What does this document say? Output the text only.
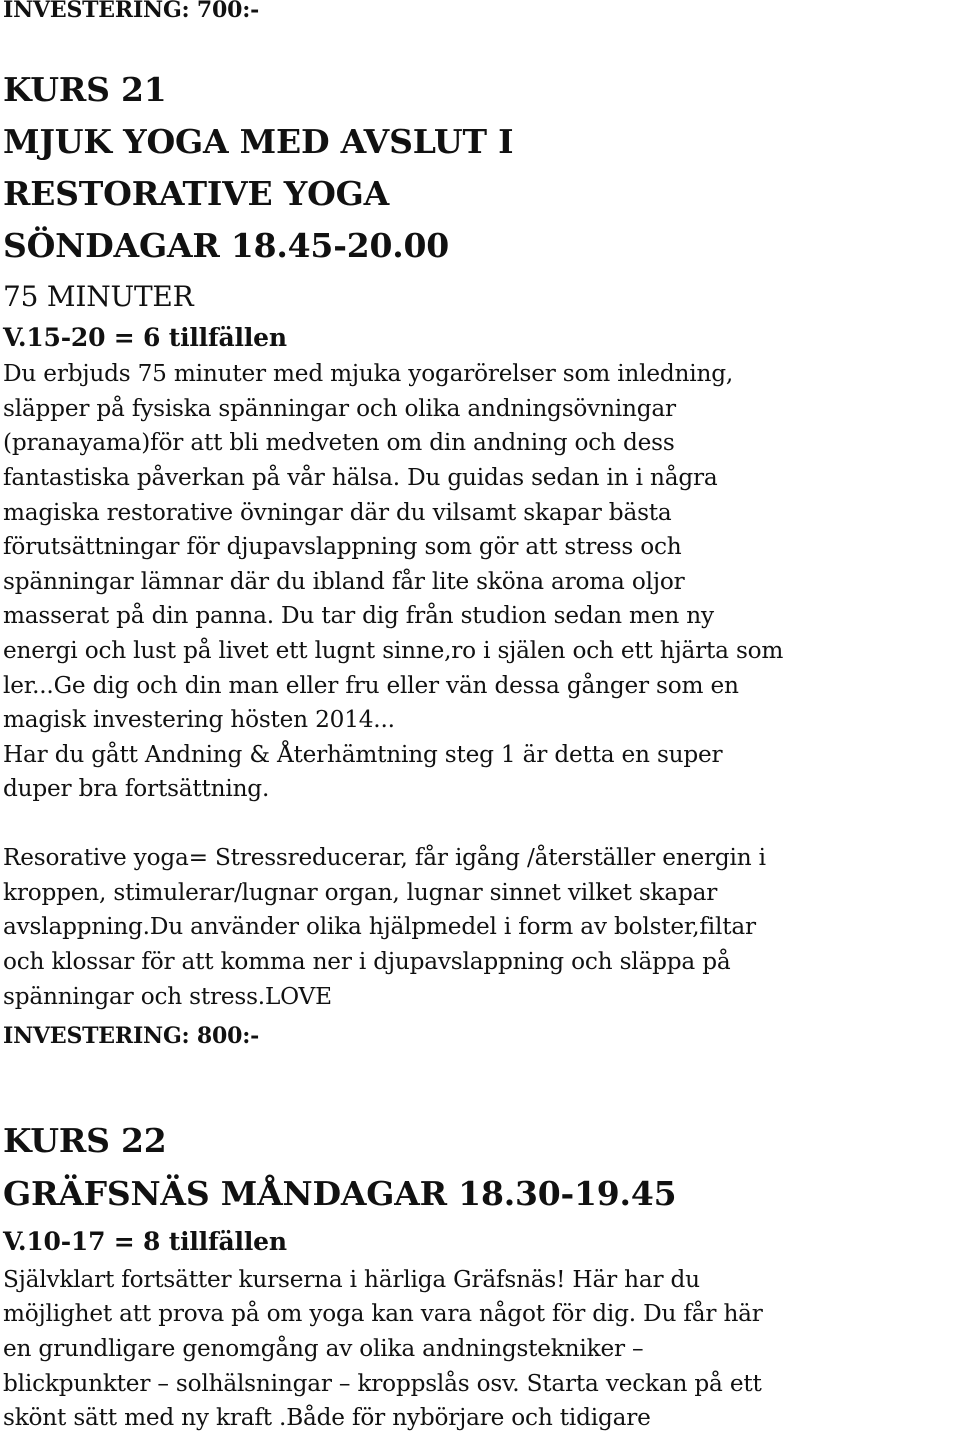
INVESTERING: 700:-

KURS 21

MJUK YOGA MED AVSLUT I

RESTORATIVE YOGA

SÖNDAGAR 18.45-20.00

75 MINUTER

V.15-20 = 6 tillfällen

Du erbjuds 75 minuter med mjuka yogarörelser som inledning,

släpper på fysiska spänningar och olika andningsövningar

(pranayama)för att bli medveten om din andning och dess

fantastiska påverkan på vår hälsa. Du guidas sedan in i några

magiska restorative övningar där du vilsamt skapar bästa

förutsättningar för djupavslappning som gör att stress och

spänningar lämnar där du ibland får lite sköna aroma oljor

masserat på din panna. Du tar dig från studion sedan men ny

energi och lust på livet ett lugnt sinne,ro i själen och ett hjärta som

ler...Ge dig och din man eller fru eller vän dessa gånger som en

magisk investering hösten 2014...

Har du gått Andning & Återhämtning steg 1 är detta en super

duper bra fortsättning.

Resorative yoga= Stressreducerar, får igång /återställer energin i

kroppen, stimulerar/lugnar organ, lugnar sinnet vilket skapar

avslappning.Du använder olika hjälpmedel i form av bolster,filtar

och klossar för att komma ner i djupavslappning och släppa på

spänningar och stress.LOVE

INVESTERING: 800:-

KURS 22

GRÄFSNÄS MÅNDAGAR 18.30-19.45

V.10-17 = 8 tillfällen

Självklart fortsätter kurserna i härliga Gräfsnäs! Här har du

möjlighet att prova på om yoga kan vara något för dig. Du får här

en grundligare genomgång av olika andningstekniker –

blickpunkter – solhälsningar – kroppslås osv. Starta veckan på ett

skönt sätt med ny kraft .Både för nybörjare och tidigare
